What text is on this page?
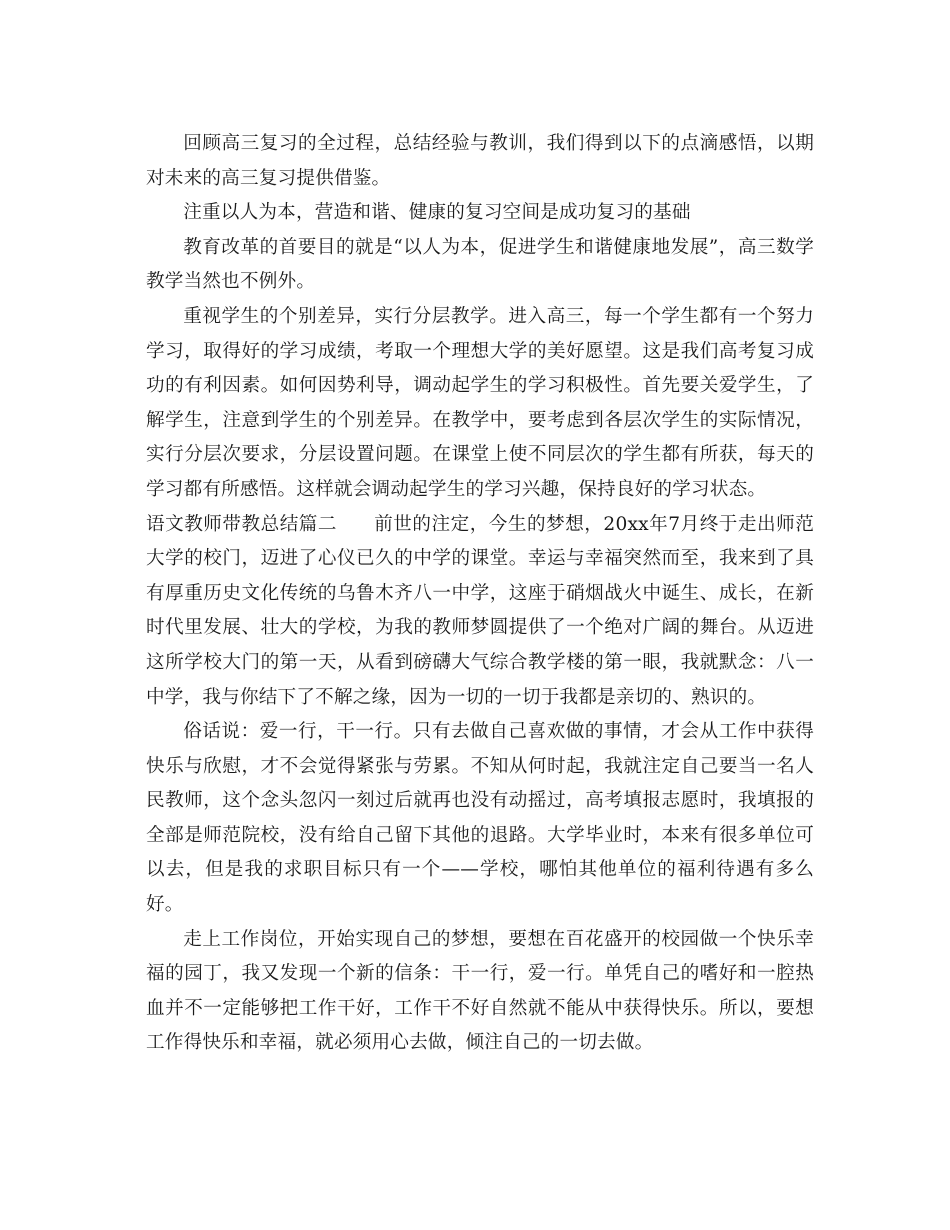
回顾高三复习的全过程，总结经验与教训，我们得到以下的点滴感悟，以期对未来的高三复习提供借鉴。

注重以人为本，营造和谐、健康的复习空间是成功复习的基础

教育改革的首要目的就是“以人为本，促进学生和谐健康地发展”，高三数学教学当然也不例外。

重视学生的个别差异，实行分层教学。进入高三，每一个学生都有一个努力学习，取得好的学习成绩，考取一个理想大学的美好愿望。这是我们高考复习成功的有利因素。如何因势利导，调动起学生的学习积极性。首先要关爱学生，了解学生，注意到学生的个别差异。在教学中，要考虑到各层次学生的实际情况，实行分层次要求，分层设置问题。在课堂上使不同层次的学生都有所获，每天的学习都有所感悟。这样就会调动起学生的学习兴趣，保持良好的学习状态。

语文教师带教总结篇二 前世的注定，今生的梦想，20xx年7月终于走出师范大学的校门，迈进了心仪已久的中学的课堂。幸运与幸福突然而至，我来到了具有厚重历史文化传统的乌鲁木齐八一中学，这座于硝烟战火中诞生、成长，在新时代里发展、壮大的学校，为我的教师梦圆提供了一个绝对广阔的舞台。从迈进这所学校大门的第一天，从看到磅礴大气综合教学楼的第一眼，我就默念：八一中学，我与你结下了不解之缘，因为一切的一切于我都是亲切的、熟识的。

俗话说：爱一行，干一行。只有去做自己喜欢做的事情，才会从工作中获得快乐与欣慰，才不会觉得紧张与劳累。不知从何时起，我就注定自己要当一名人民教师，这个念头忽闪一刻过后就再也没有动摇过，高考填报志愿时，我填报的全部是师范院校，没有给自己留下其他的退路。大学毕业时，本来有很多单位可以去，但是我的求职目标只有一个——学校，哪怕其他单位的福利待遇有多么好。

走上工作岗位，开始实现自己的梦想，要想在百花盛开的校园做一个快乐幸福的园丁，我又发现一个新的信条：干一行，爱一行。单凭自己的嗜好和一腔热血并不一定能够把工作干好，工作干不好自然就不能从中获得快乐。所以，要想工作得快乐和幸福，就必须用心去做，倾注自己的一切去做。
